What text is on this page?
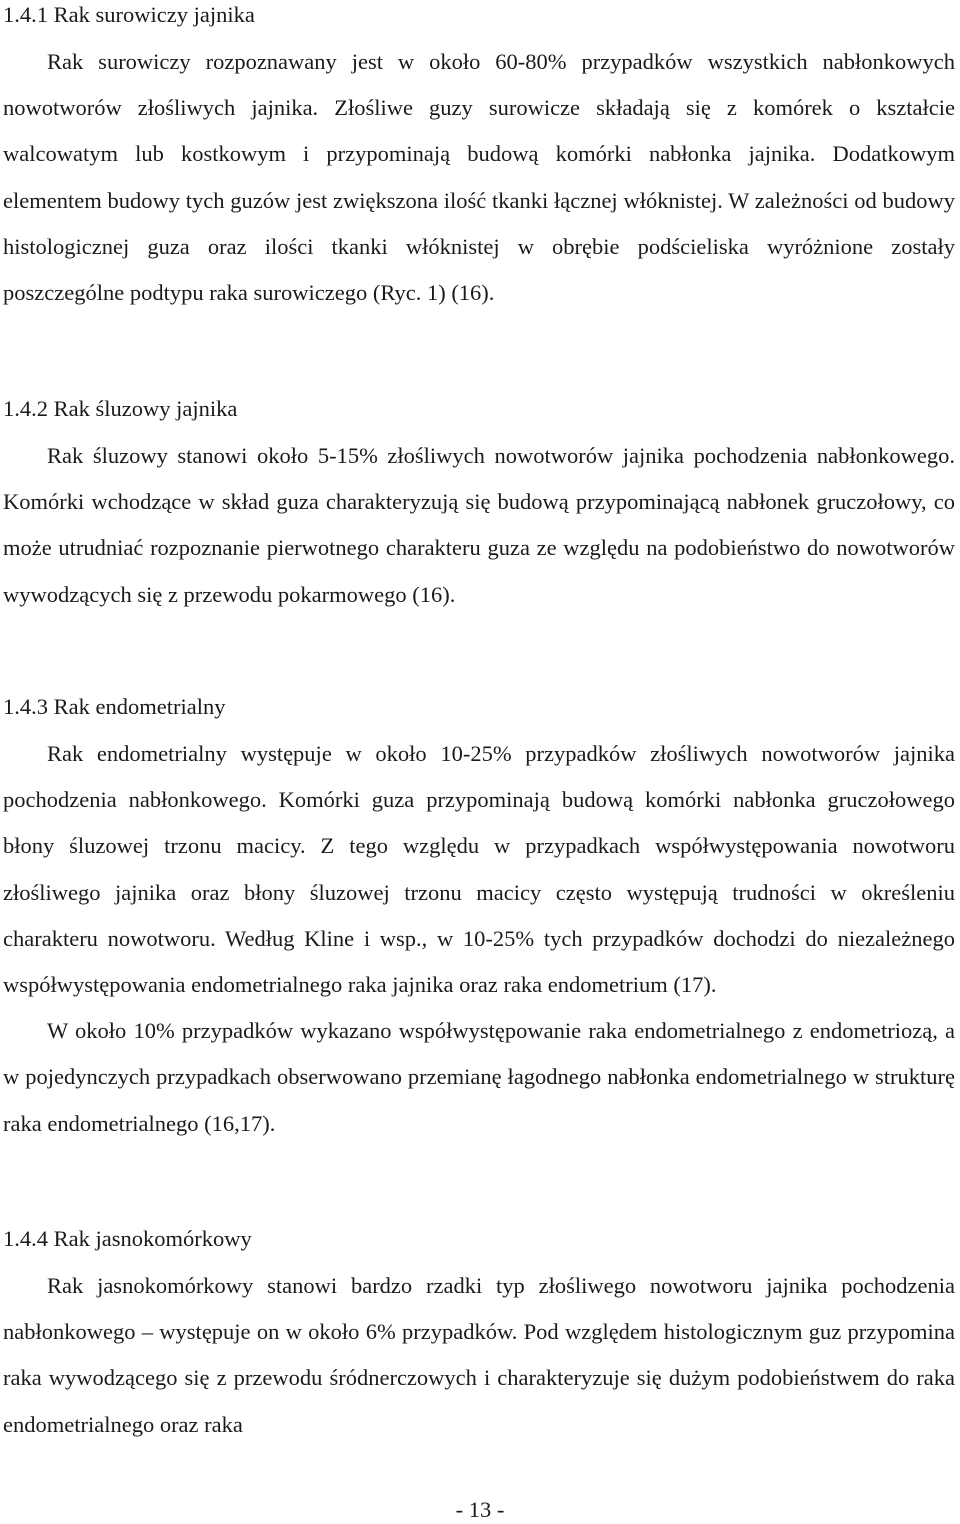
1.4.1 Rak surowiczy jajnika

Rak surowiczy rozpoznawany jest w około 60-80% przypadków wszystkich nabłonkowych nowotworów złośliwych jajnika. Złośliwe guzy surowicze składają się z komórek o kształcie walcowatym lub kostkowym i przypominają budową komórki nabłonka jajnika. Dodatkowym elementem budowy tych guzów jest zwiększona ilość tkanki łącznej włóknistej. W zależności od budowy histologicznej guza oraz ilości tkanki włóknistej w obrębie podścieliska wyróżnione zostały poszczególne podtypu raka surowiczego (Ryc. 1) (16).

1.4.2 Rak śluzowy jajnika

Rak śluzowy stanowi około 5-15% złośliwych nowotworów jajnika pochodzenia nabłonkowego. Komórki wchodzące w skład guza charakteryzują się budową przypominającą nabłonek gruczołowy, co może utrudniać rozpoznanie pierwotnego charakteru guza ze względu na podobieństwo do nowotworów wywodzących się z przewodu pokarmowego (16).

1.4.3 Rak endometrialny

Rak endometrialny występuje w około 10-25% przypadków złośliwych nowotworów jajnika pochodzenia nabłonkowego. Komórki guza przypominają budową komórki nabłonka gruczołowego błony śluzowej trzonu macicy. Z tego względu w przypadkach współwystępowania nowotworu złośliwego jajnika oraz błony śluzowej trzonu macicy często występują trudności w określeniu charakteru nowotworu. Według Kline i wsp., w 10-25% tych przypadków dochodzi do niezależnego współwystępowania endometrialnego raka jajnika oraz raka endometrium (17).

W około 10% przypadków wykazano współwystępowanie raka endometrialnego z endometriozą, a w pojedynczych przypadkach obserwowano przemianę łagodnego nabłonka endometrialnego w strukturę raka endometrialnego (16,17).

1.4.4 Rak jasnokomórkowy

Rak jasnokomórkowy stanowi bardzo rzadki typ złośliwego nowotworu jajnika pochodzenia nabłonkowego – występuje on w około 6% przypadków. Pod względem histologicznym guz przypomina raka wywodzącego się z przewodu śródnerczowych i charakteryzuje się dużym podobieństwem do raka endometrialnego oraz raka

- 13 -
